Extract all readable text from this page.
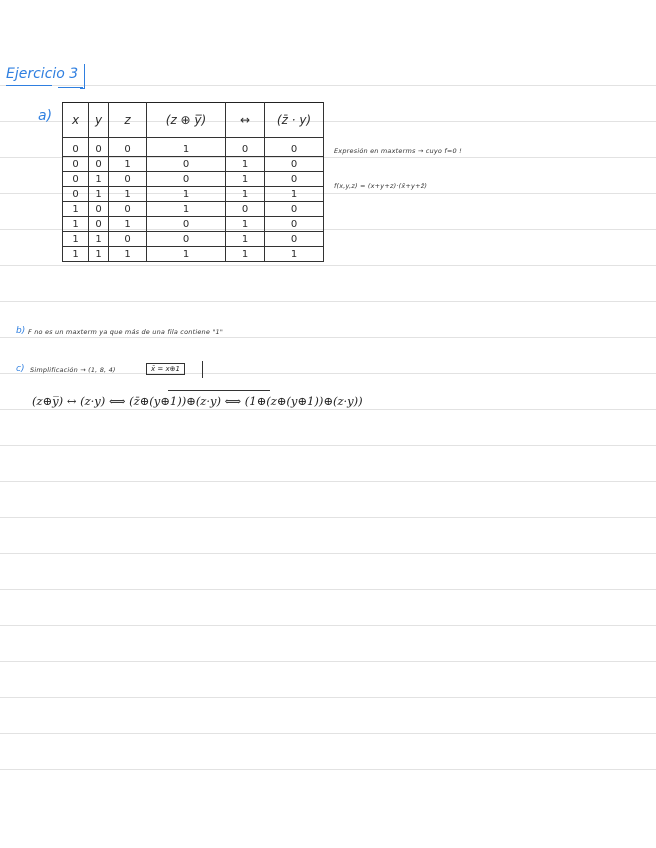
Ejercicio 3
a) x	y	z	(z ⊕ y̅)	↔	(z̄ · y)
0	0	0	1	0	0
0	0	1	0	1	0
0	1	0	0	1	0
0	1	1	1	1	1
1	0	0	1	0	0
1	0	1	0	1	0
1	1	0	0	1	0
1	1	1	1	1	1
Expresión en maxterms → cuyo f=0 !
f(x,y,z) = (x+y+z)·(x̄+y+z̄)
b) F no es un maxterm ya que más de una fila contiene "1"
c) Simplificación → (1, 8, 4)	x̄ = x⊕1
(z⊕y̅) ↔ (z·y) ⟺ (z̄⊕(y⊕1))⊕(z·y) ⟺ (1⊕(z⊕(y⊕1))⊕(z·y))
